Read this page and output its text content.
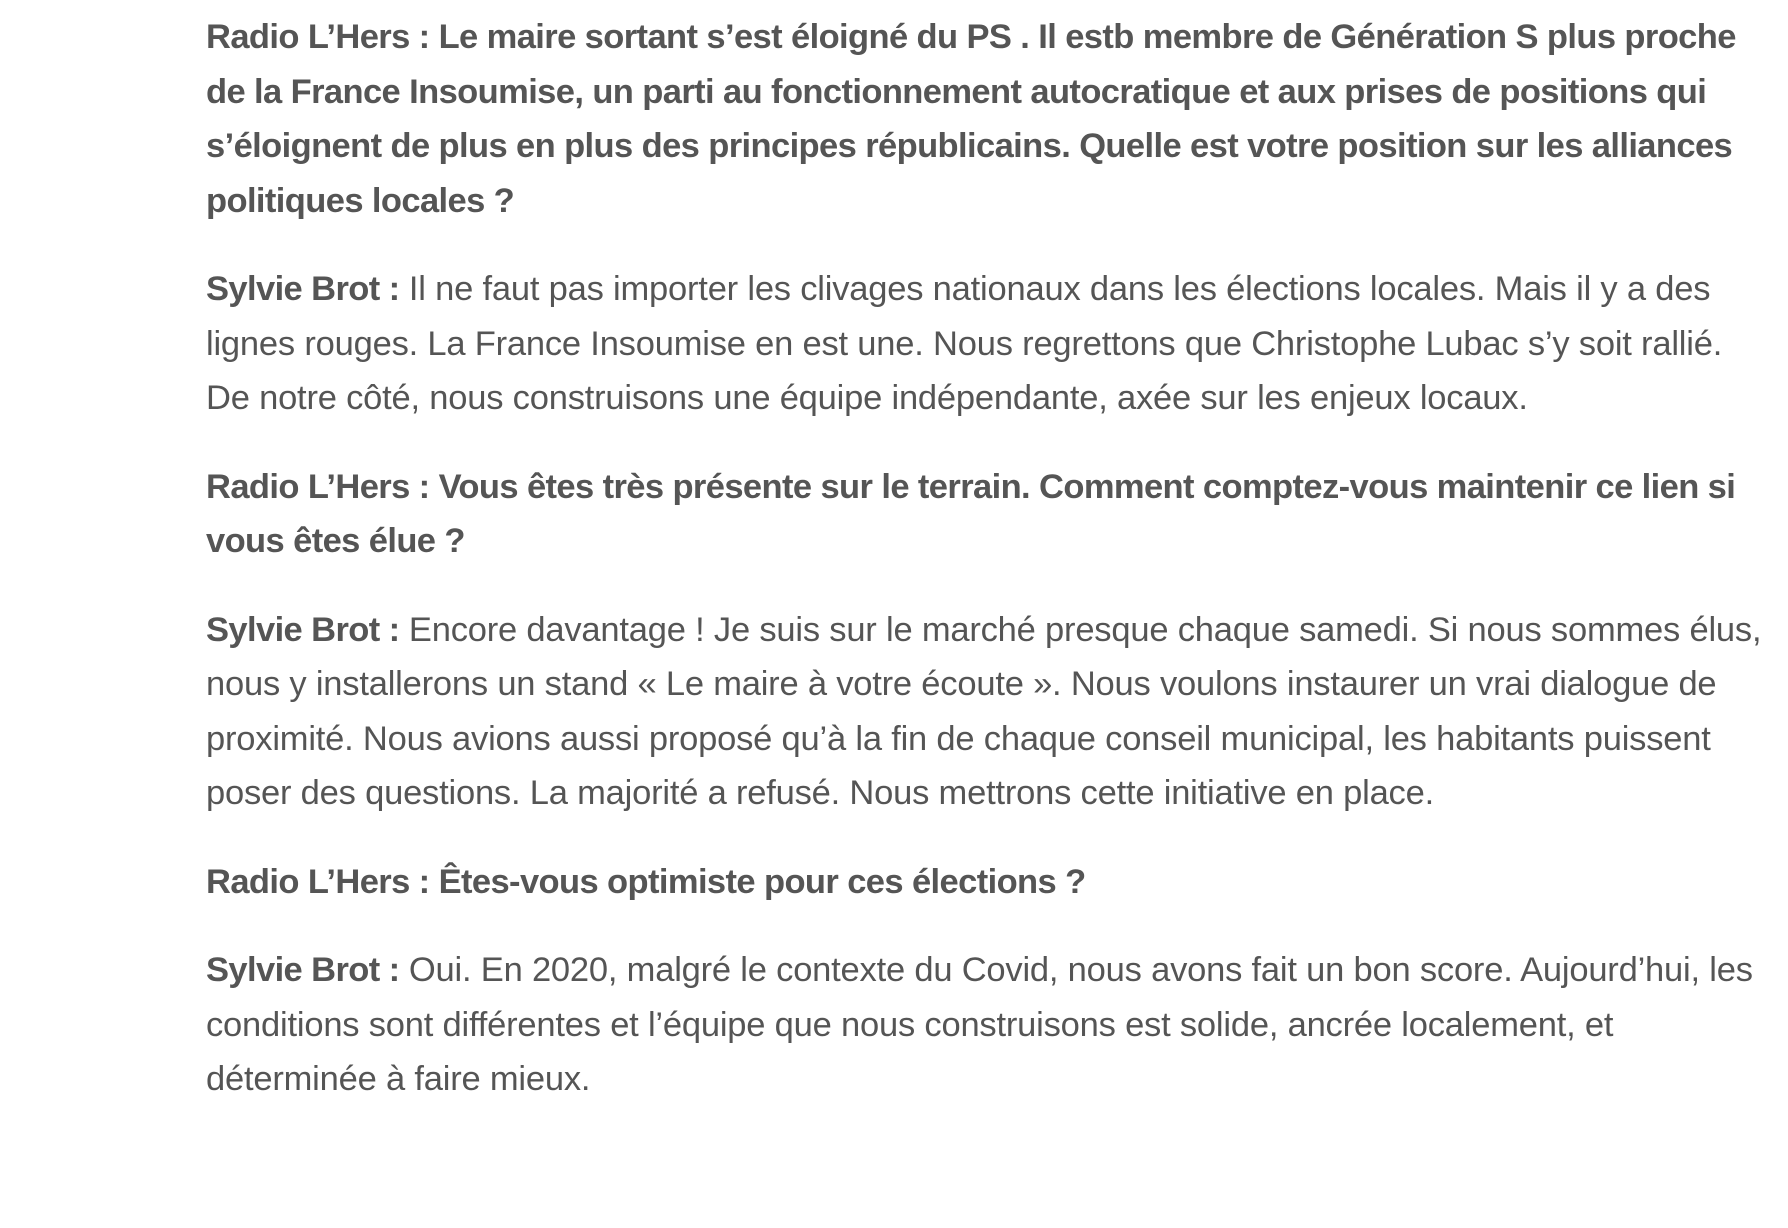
Radio L’Hers : Le maire sortant s’est éloigné du PS . Il estb membre de Génération S plus proche de la France Insoumise, un parti au fonctionnement autocratique et aux prises de positions qui s’éloignent de plus en plus des principes républicains. Quelle est votre position sur les alliances politiques locales ?

Sylvie Brot : Il ne faut pas importer les clivages nationaux dans les élections locales. Mais il y a des lignes rouges. La France Insoumise en est une. Nous regrettons que Christophe Lubac s’y soit rallié. De notre côté, nous construisons une équipe indépendante, axée sur les enjeux locaux.

Radio L’Hers : Vous êtes très présente sur le terrain. Comment comptez-vous maintenir ce lien si vous êtes élue ?

Sylvie Brot : Encore davantage ! Je suis sur le marché presque chaque samedi. Si nous sommes élus, nous y installerons un stand « Le maire à votre écoute ». Nous voulons instaurer un vrai dialogue de proximité. Nous avions aussi proposé qu’à la fin de chaque conseil municipal, les habitants puissent poser des questions. La majorité a refusé. Nous mettrons cette initiative en place.

Radio L’Hers : Êtes-vous optimiste pour ces élections ?

Sylvie Brot : Oui. En 2020, malgré le contexte du Covid, nous avons fait un bon score. Aujourd’hui, les conditions sont différentes et l’équipe que nous construisons est solide, ancrée localement, et déterminée à faire mieux.
